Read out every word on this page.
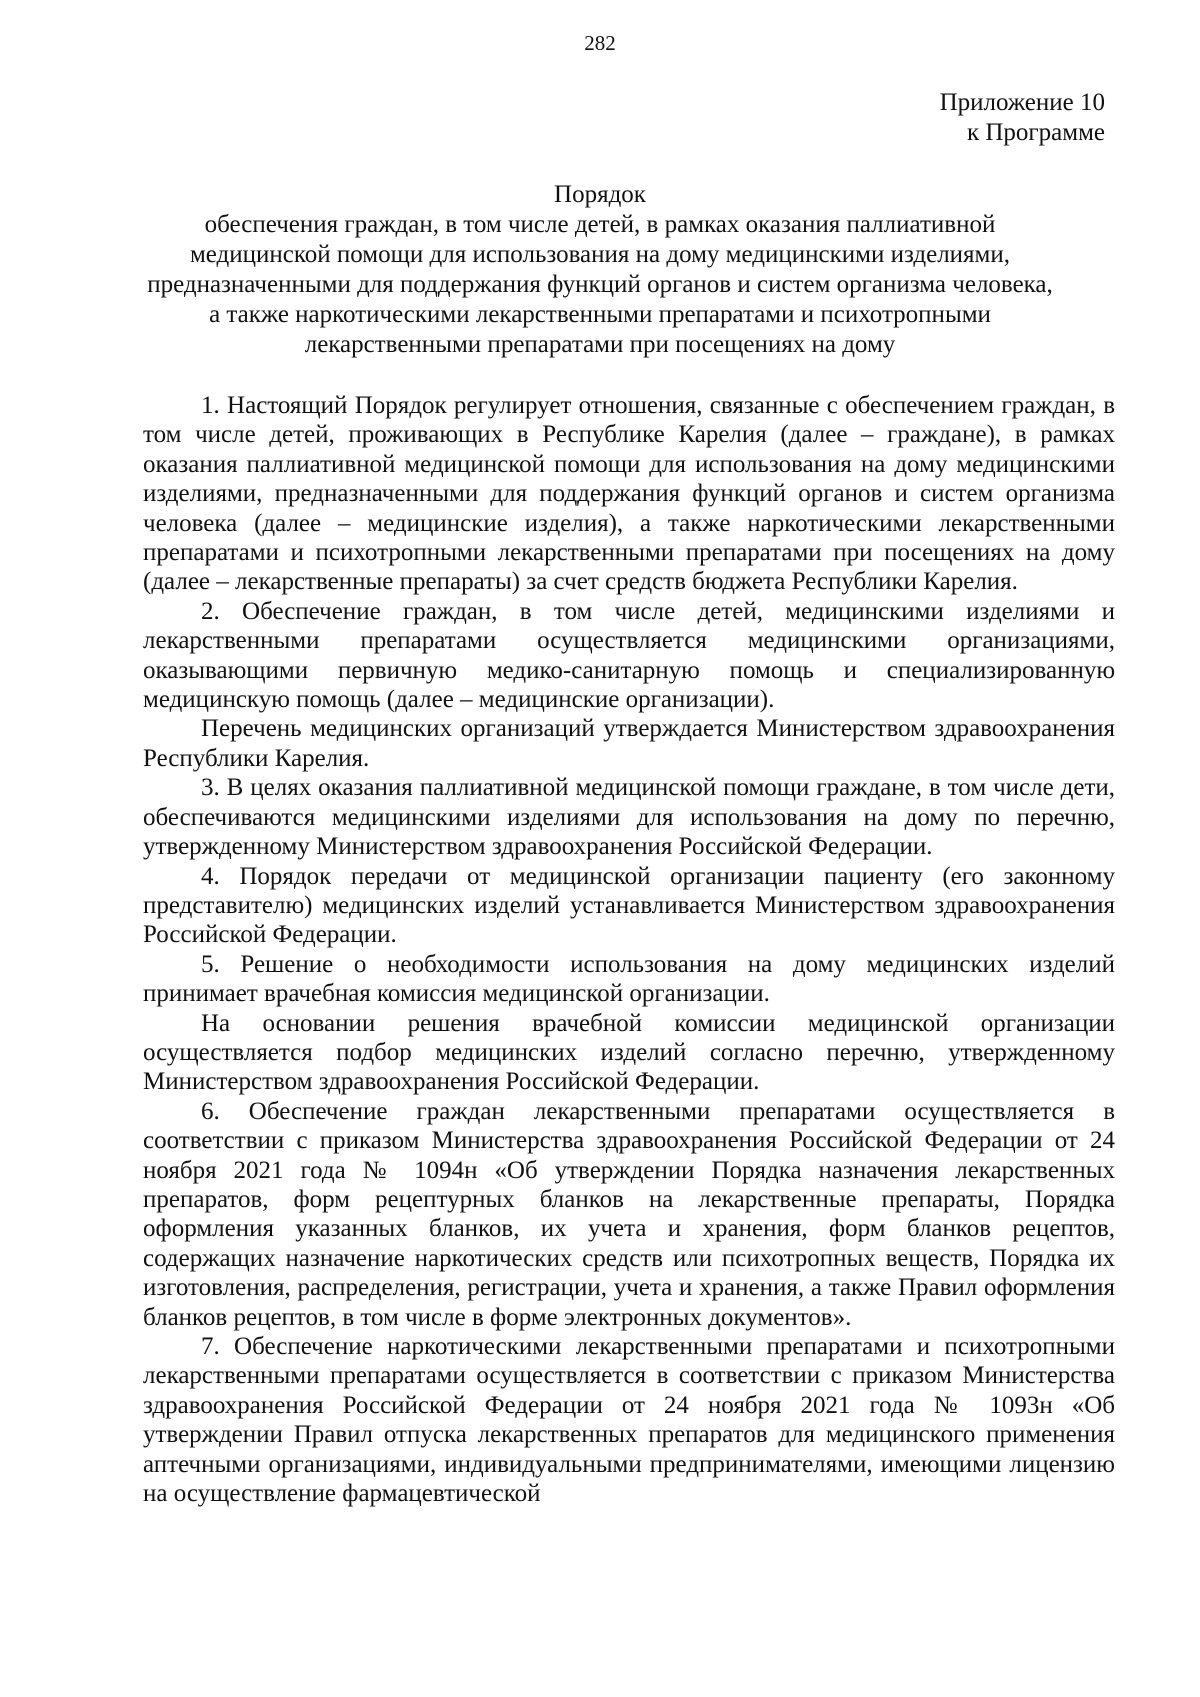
282
Приложение 10
к Программе
Порядок
обеспечения граждан, в том числе детей, в рамках оказания паллиативной
медицинской помощи для использования на дому медицинскими изделиями,
предназначенными для поддержания функций органов и систем организма человека,
а также наркотическими лекарственными препаратами и психотропными
лекарственными препаратами при посещениях на дому

1. Настоящий Порядок регулирует отношения, связанные с обеспечением граждан, в том числе детей, проживающих в Республике Карелия (далее – граждане), в рамках оказания паллиативной медицинской помощи для использования на дому медицинскими изделиями, предназначенными для поддержания функций органов и систем организма человека (далее – медицинские изделия), а также наркотическими лекарственными препаратами и психотропными лекарственными препаратами при посещениях на дому (далее – лекарственные препараты) за счет средств бюджета Республики Карелия.

2. Обеспечение граждан, в том числе детей, медицинскими изделиями и лекарственными препаратами осуществляется медицинскими организациями, оказывающими первичную медико-санитарную помощь и специализированную медицинскую помощь (далее – медицинские организации).

Перечень медицинских организаций утверждается Министерством здравоохранения Республики Карелия.

3. В целях оказания паллиативной медицинской помощи граждане, в том числе дети, обеспечиваются медицинскими изделиями для использования на дому по перечню, утвержденному Министерством здравоохранения Российской Федерации.

4. Порядок передачи от медицинской организации пациенту (его законному представителю) медицинских изделий устанавливается Министерством здравоохранения Российской Федерации.

5. Решение о необходимости использования на дому медицинских изделий принимает врачебная комиссия медицинской организации.

На основании решения врачебной комиссии медицинской организации осуществляется подбор медицинских изделий согласно перечню, утвержденному Министерством здравоохранения Российской Федерации.

6. Обеспечение граждан лекарственными препаратами осуществляется в соответствии с приказом Министерства здравоохранения Российской Федерации от 24 ноября 2021 года № 1094н «Об утверждении Порядка назначения лекарственных препаратов, форм рецептурных бланков на лекарственные препараты, Порядка оформления указанных бланков, их учета и хранения, форм бланков рецептов, содержащих назначение наркотических средств или психотропных веществ, Порядка их изготовления, распределения, регистрации, учета и хранения, а также Правил оформления бланков рецептов, в том числе в форме электронных документов».

7. Обеспечение наркотическими лекарственными препаратами и психотропными лекарственными препаратами осуществляется в соответствии с приказом Министерства здравоохранения Российской Федерации от 24 ноября 2021 года № 1093н «Об утверждении Правил отпуска лекарственных препаратов для медицинского применения аптечными организациями, индивидуальными предпринимателями, имеющими лицензию на осуществление фармацевтической
